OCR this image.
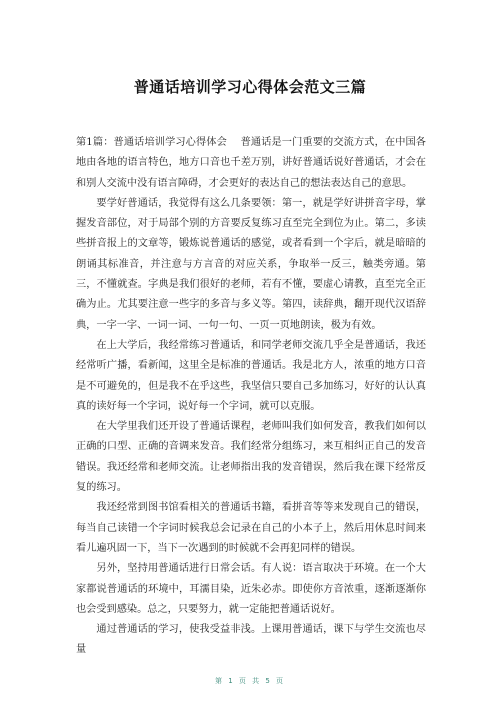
普通话培训学习心得体会范文三篇

第1篇：普通话培训学习心得体会　 普通话是一门重要的交流方式，在中国各地由各地的语言特色，地方口音也千差万别，讲好普通话说好普通话，才会在和别人交流中没有语言障碍，才会更好的表达自己的想法表达自己的意思。

要学好普通话，我觉得有这么几条要领：第一，就是学好讲拼音字母，掌握发音部位，对于局部个别的方音要反复练习直至完全到位为止。第二，多读些拼音报上的文章等，锻炼说普通话的感觉，或者看到一个字后，就是暗暗的朗诵其标准音，并注意与方言音的对应关系，争取举一反三，触类旁通。第三，不懂就查。字典是我们很好的老师，若有不懂，要虚心请教，直至完全正确为止。尤其要注意一些字的多音与多义等。第四，读辞典，翻开现代汉语辞典，一字一字、一词一词、一句一句、一页一页地朗读，极为有效。

在上大学后，我经常练习普通话，和同学老师交流几乎全是普通话，我还经常听广播，看新闻，这里全是标准的普通话。我是北方人，浓重的地方口音是不可避免的，但是我不在乎这些，我坚信只要自己多加练习，好好的认认真真的读好每一个字词，说好每一个字词，就可以克服。

在大学里我们还开设了普通话课程，老师叫我们如何发音，教我们如何以正确的口型、正确的音调来发音。我们经常分组练习，来互相纠正自己的发音错误。我还经常和老师交流。让老师指出我的发音错误，然后我在课下经常反复的练习。

我还经常到图书馆看相关的普通话书籍，看拼音等等来发现自己的错误，每当自己读错一个字词时候我总会记录在自己的小本子上，然后用休息时间来看儿遍巩固一下，当下一次遇到的时候就不会再犯同样的错误。

另外，坚持用普通话进行日常会话。有人说：语言取决于环境。在一个大家都说普通话的环境中，耳濡目染，近朱必赤。即使你方音浓重，逐渐逐渐你也会受到感染。总之，只要努力，就一定能把普通话说好。

通过普通话的学习，使我受益非浅。上课用普通话，课下与学生交流也尽量

第 1 页 共 5 页
